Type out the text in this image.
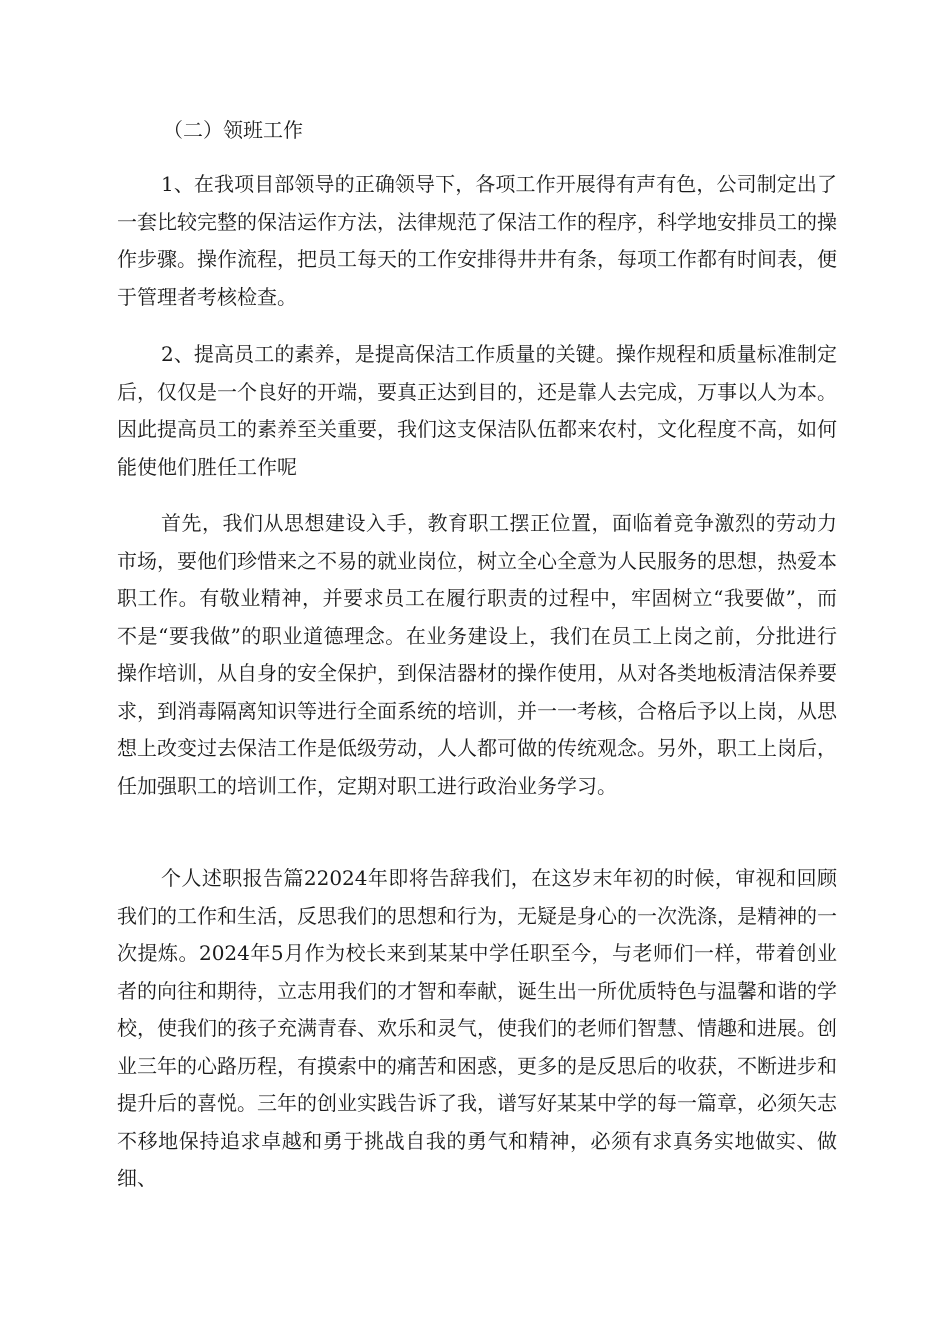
（二）领班工作

1、在我项目部领导的正确领导下，各项工作开展得有声有色，公司制定出了一套比较完整的保洁运作方法，法律规范了保洁工作的程序，科学地安排员工的操作步骤。操作流程，把员工每天的工作安排得井井有条，每项工作都有时间表，便于管理者考核检查。

2、提高员工的素养，是提高保洁工作质量的关键。操作规程和质量标准制定后，仅仅是一个良好的开端，要真正达到目的，还是靠人去完成，万事以人为本。因此提高员工的素养至关重要，我们这支保洁队伍都来农村，文化程度不高，如何能使他们胜任工作呢

首先，我们从思想建设入手，教育职工摆正位置，面临着竞争激烈的劳动力市场，要他们珍惜来之不易的就业岗位，树立全心全意为人民服务的思想，热爱本职工作。有敬业精神，并要求员工在履行职责的过程中，牢固树立“我要做”，而不是“要我做”的职业道德理念。在业务建设上，我们在员工上岗之前，分批进行操作培训，从自身的安全保护，到保洁器材的操作使用，从对各类地板清洁保养要求，到消毒隔离知识等进行全面系统的培训，并一一考核，合格后予以上岗，从思想上改变过去保洁工作是低级劳动，人人都可做的传统观念。另外，职工上岗后，任加强职工的培训工作，定期对职工进行政治业务学习。

个人述职报告篇22024年即将告辞我们，在这岁末年初的时候，审视和回顾我们的工作和生活，反思我们的思想和行为，无疑是身心的一次洗涤，是精神的一次提炼。2024年5月作为校长来到某某中学任职至今，与老师们一样，带着创业者的向往和期待，立志用我们的才智和奉献，诞生出一所优质特色与温馨和谐的学校，使我们的孩子充满青春、欢乐和灵气，使我们的老师们智慧、情趣和进展。创业三年的心路历程，有摸索中的痛苦和困惑，更多的是反思后的收获，不断进步和提升后的喜悦。三年的创业实践告诉了我，谱写好某某中学的每一篇章，必须矢志不移地保持追求卓越和勇于挑战自我的勇气和精神，必须有求真务实地做实、做细、
